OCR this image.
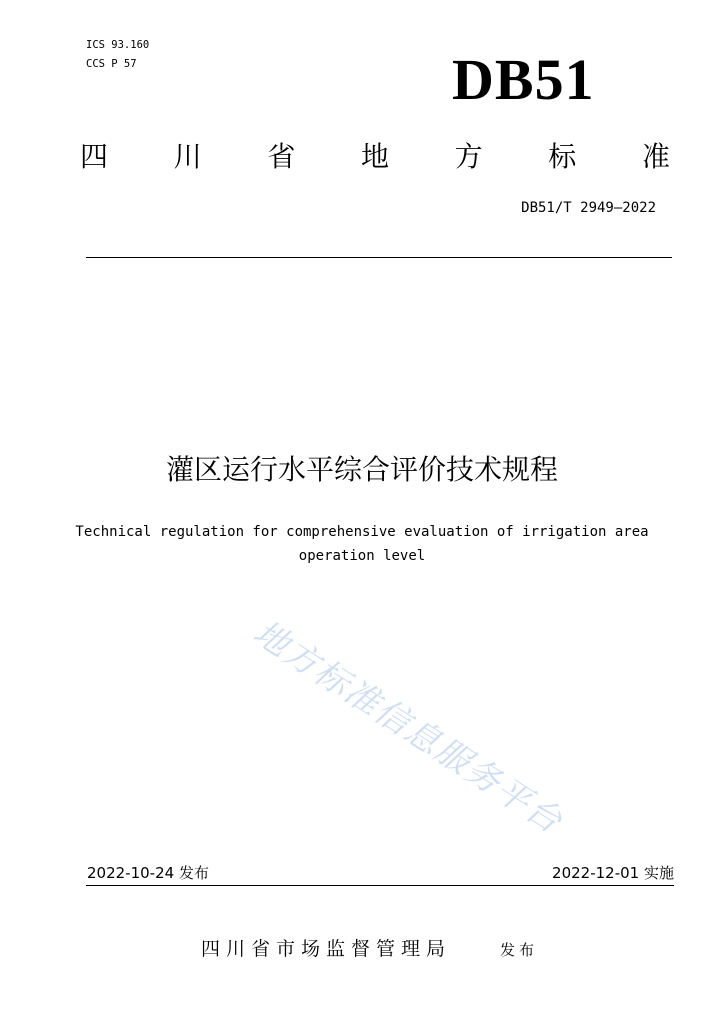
ICS 93.160
CCS P 57	DB51
四 川 省 地 方 标 准
DB51/T 2949—2022
灌区运行水平综合评价技术规程
Technical regulation for comprehensive evaluation of irrigation area operation level
地方标准信息服务平台
2022-10-24 发布	2022-12-01 实施
四川省市场监督管理局	发布
